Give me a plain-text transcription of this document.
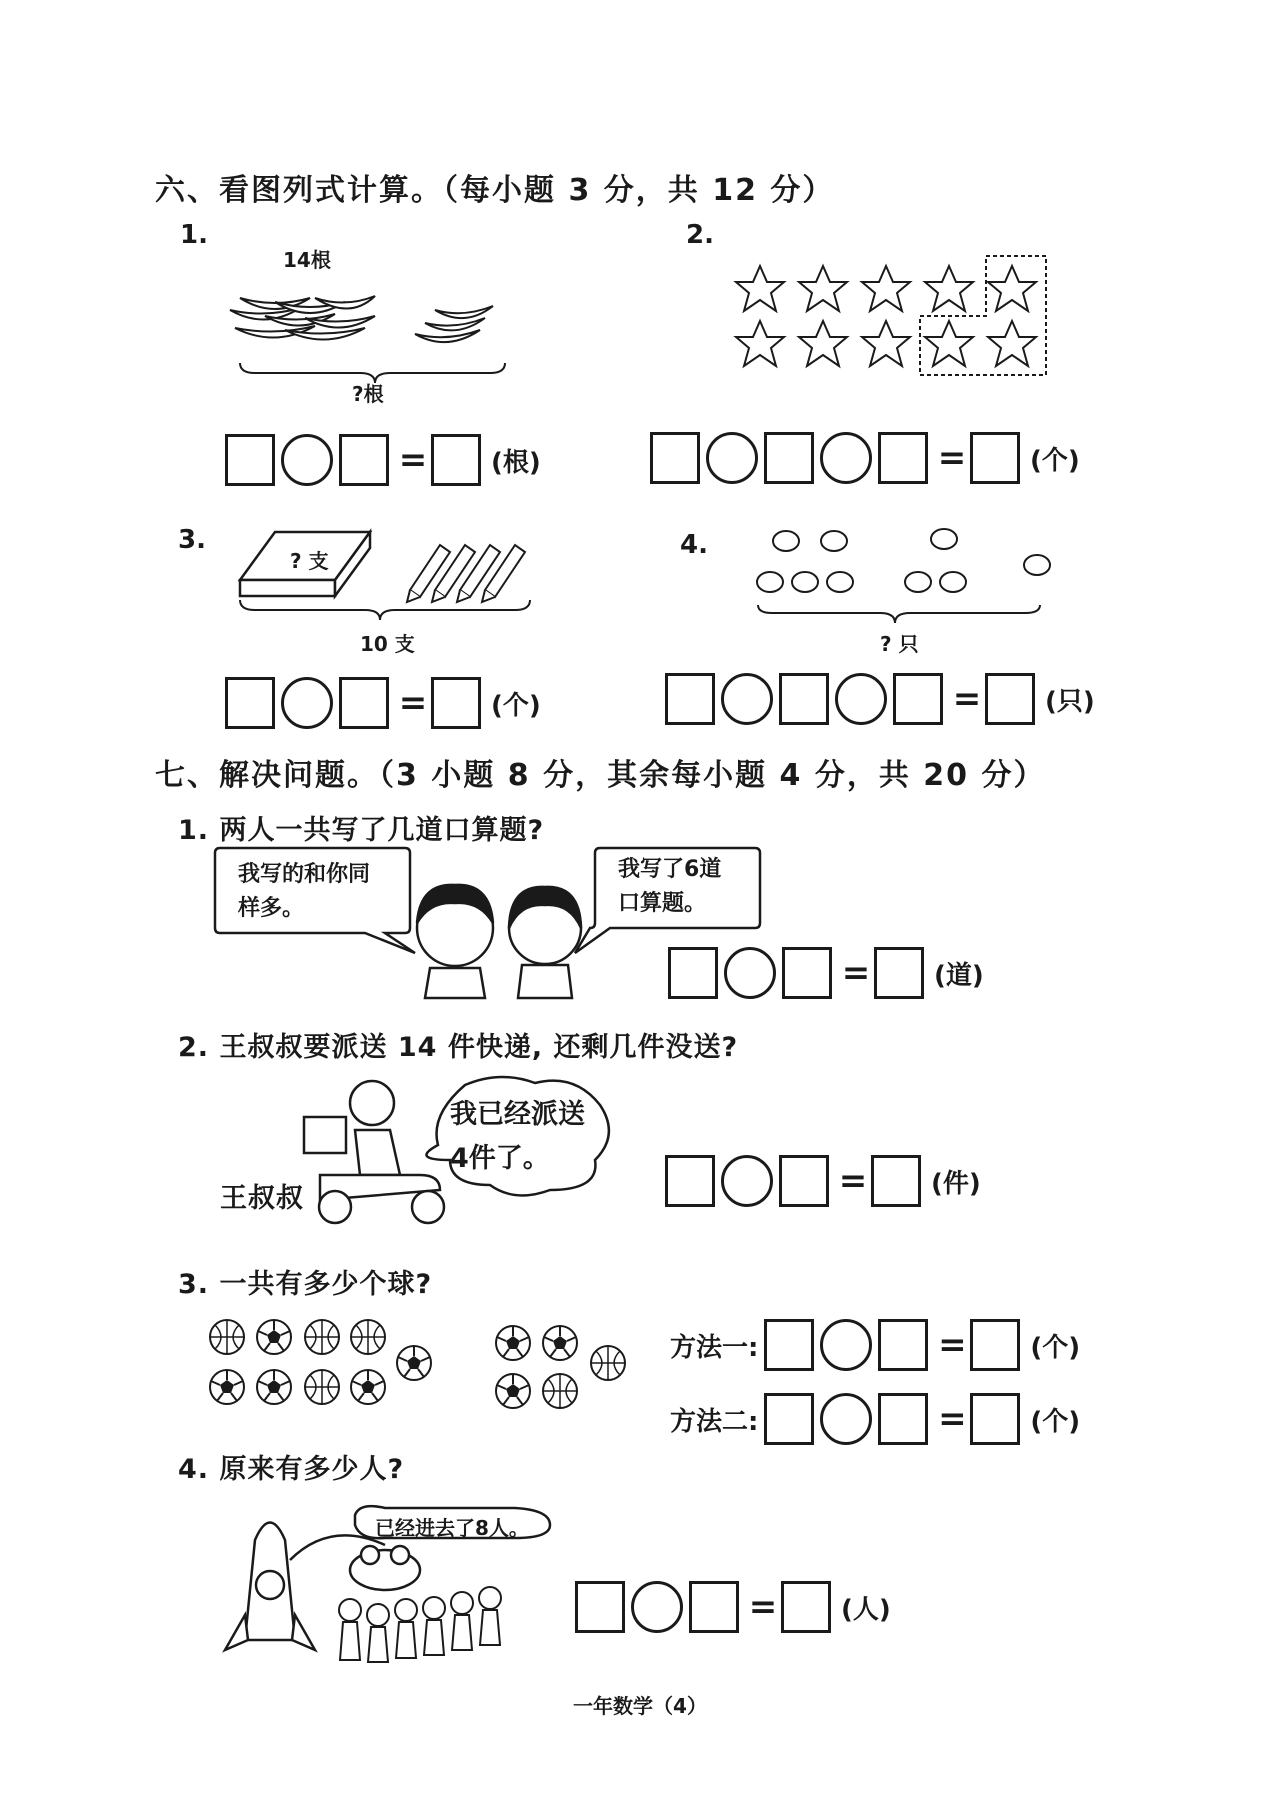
六、看图列式计算。（每小题 3 分，共 12 分）
1.
14根
?根
= (根)
2.
= (个)
3.
? 支
10 支
= (个)
4.
? 只
= (只)
七、解决问题。（3 小题 8 分，其余每小题 4 分，共 20 分）
1. 两人一共写了几道口算题?
我写的和你同样多。
我写了6道口算题。
= (道)
2. 王叔叔要派送 14 件快递, 还剩几件没送?
王叔叔
我已经派送4件了。
= (件)
3. 一共有多少个球?
方法一:	= (个)
方法二:	= (个)
4. 原来有多少人?
已经进去了8人。
= (人)
一年数学（4）
